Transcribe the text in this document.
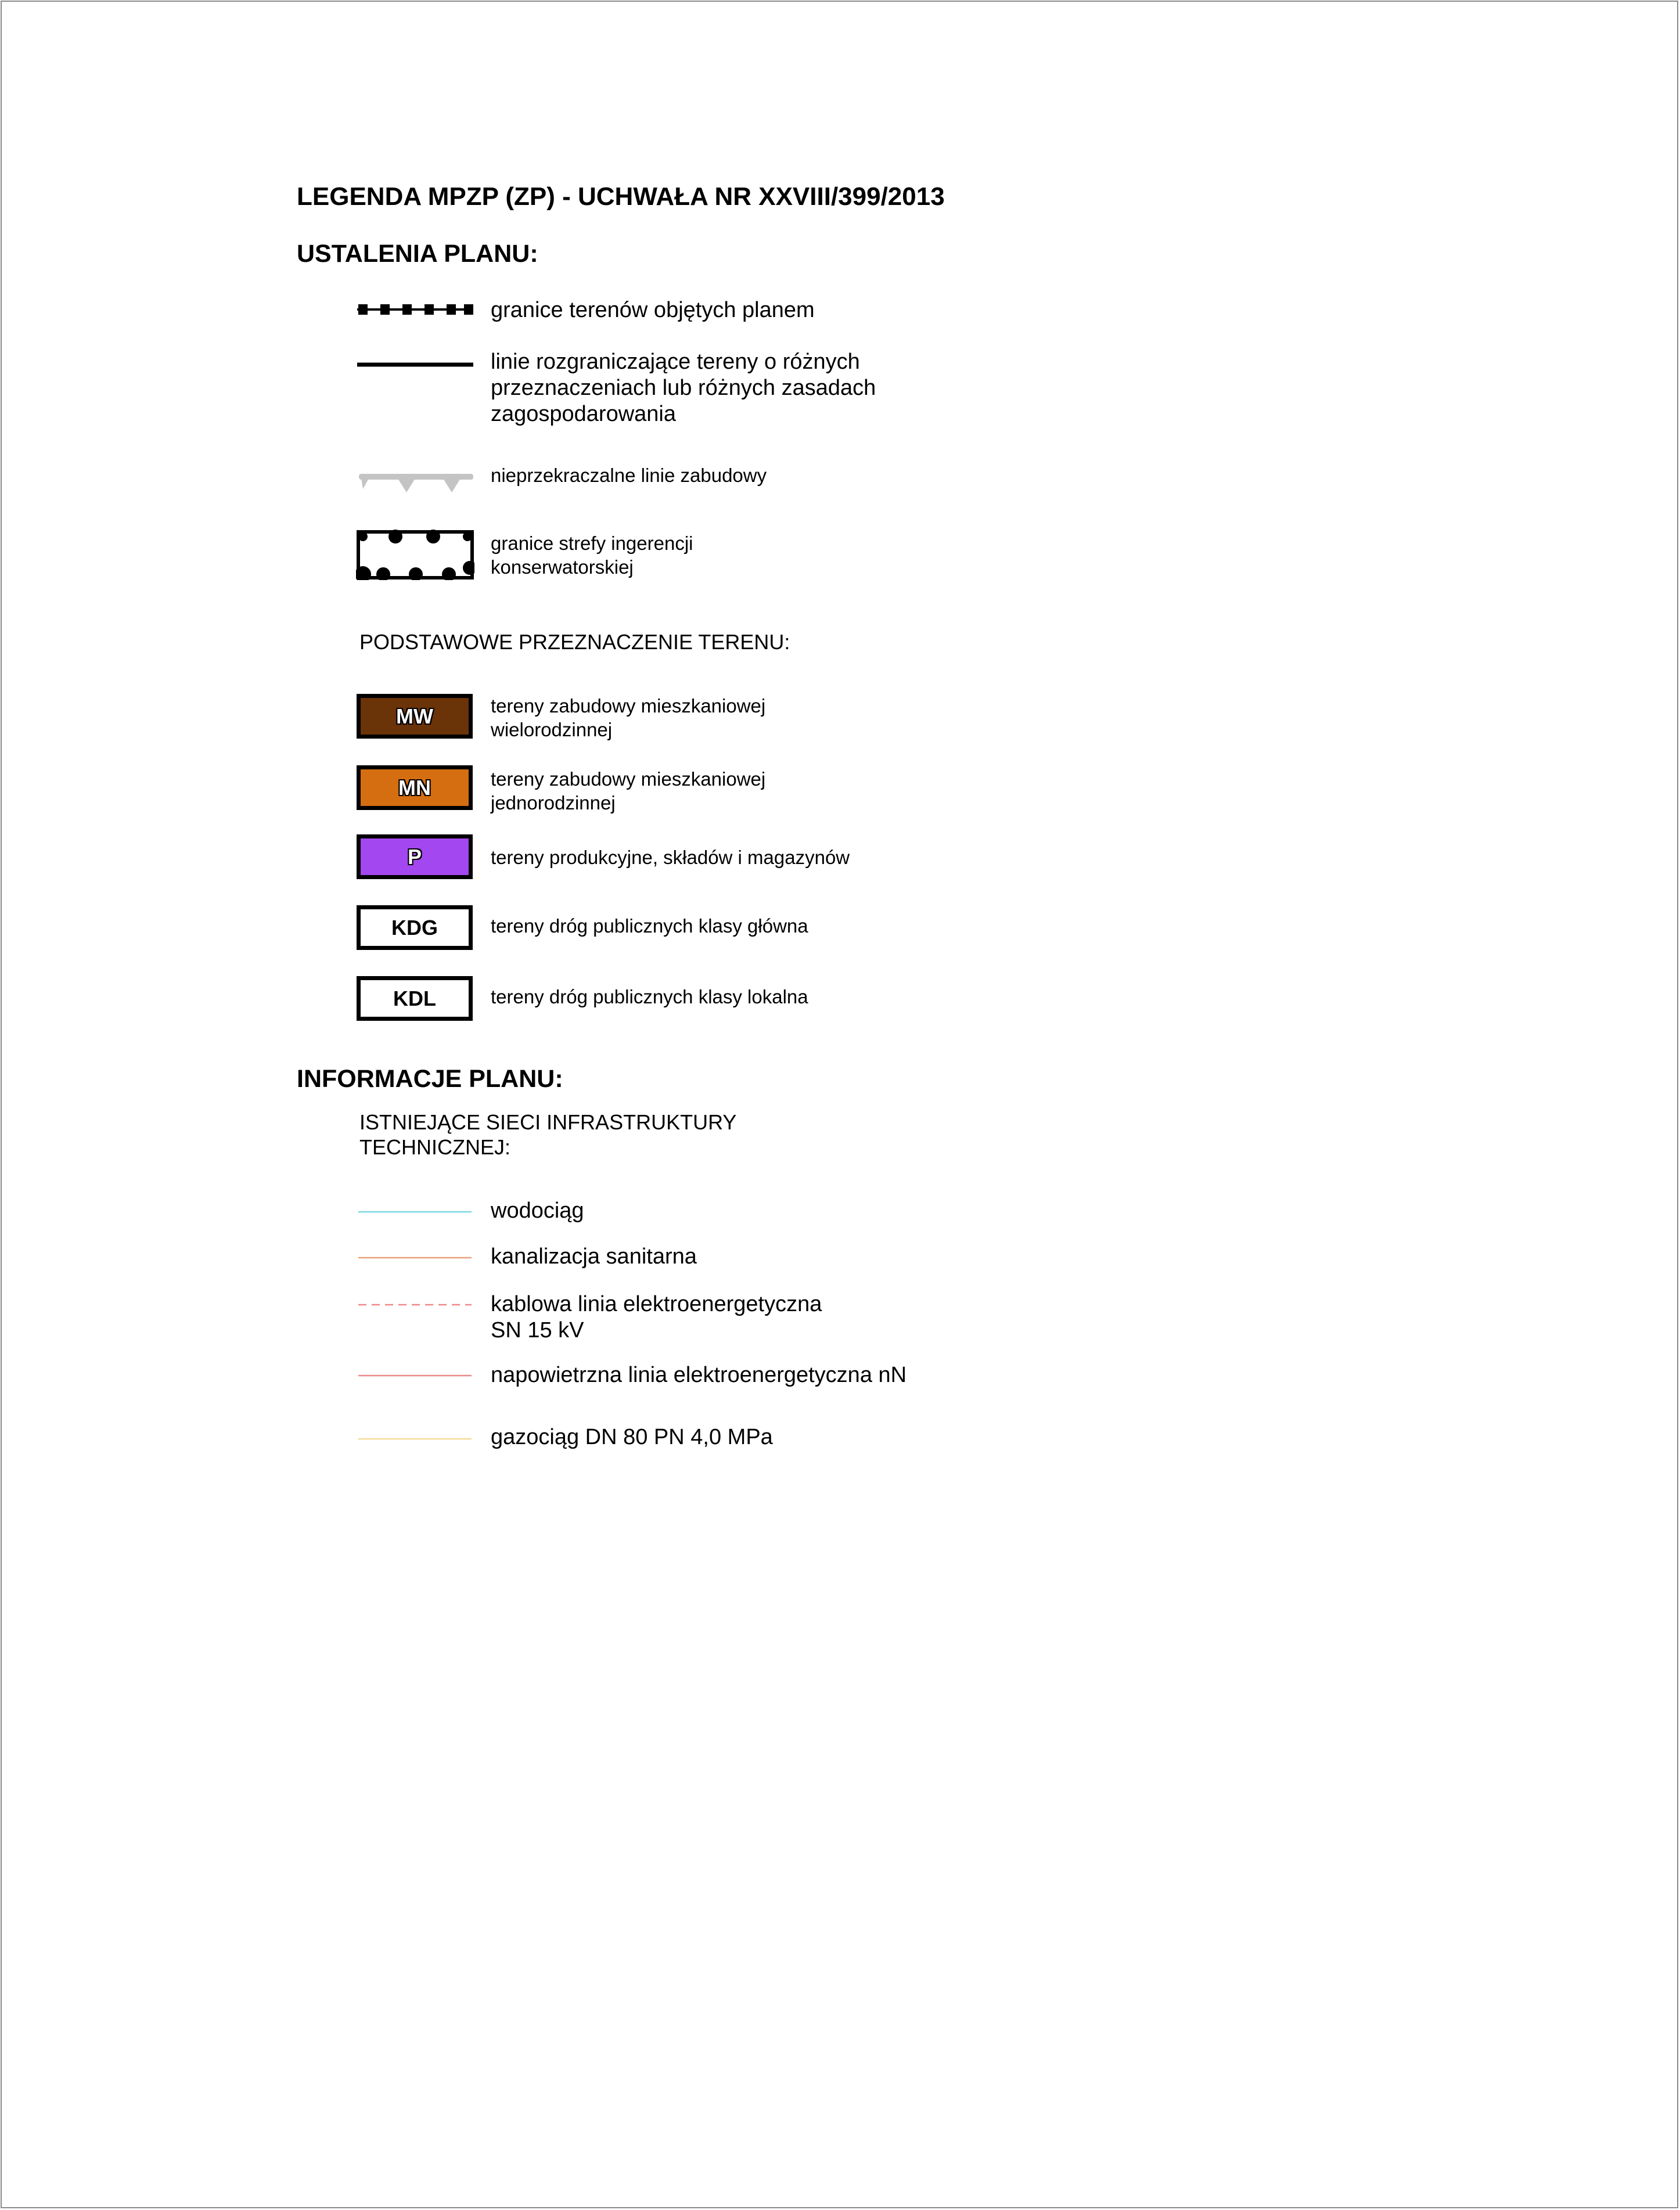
LEGENDA MPZP (ZP) - UCHWAŁA NR XXVIII/399/2013
USTALENIA PLANU:
granice terenów objętych planem
linie rozgraniczające tereny o różnych
przeznaczeniach lub różnych zasadach
zagospodarowania
nieprzekraczalne linie zabudowy
granice strefy ingerencji
konserwatorskiej
PODSTAWOWE PRZEZNACZENIE TERENU:
MW	tereny zabudowy mieszkaniowej
wielorodzinnej
MN	tereny zabudowy mieszkaniowej
jednorodzinnej
P	tereny produkcyjne, składów i magazynów
KDG	tereny dróg publicznych klasy główna
KDL	tereny dróg publicznych klasy lokalna
INFORMACJE PLANU:
ISTNIEJĄCE SIECI INFRASTRUKTURY
TECHNICZNEJ:
wodociąg
kanalizacja sanitarna
kablowa linia elektroenergetyczna
SN 15 kV
napowietrzna linia elektroenergetyczna nN
gazociąg DN 80 PN 4,0 MPa
